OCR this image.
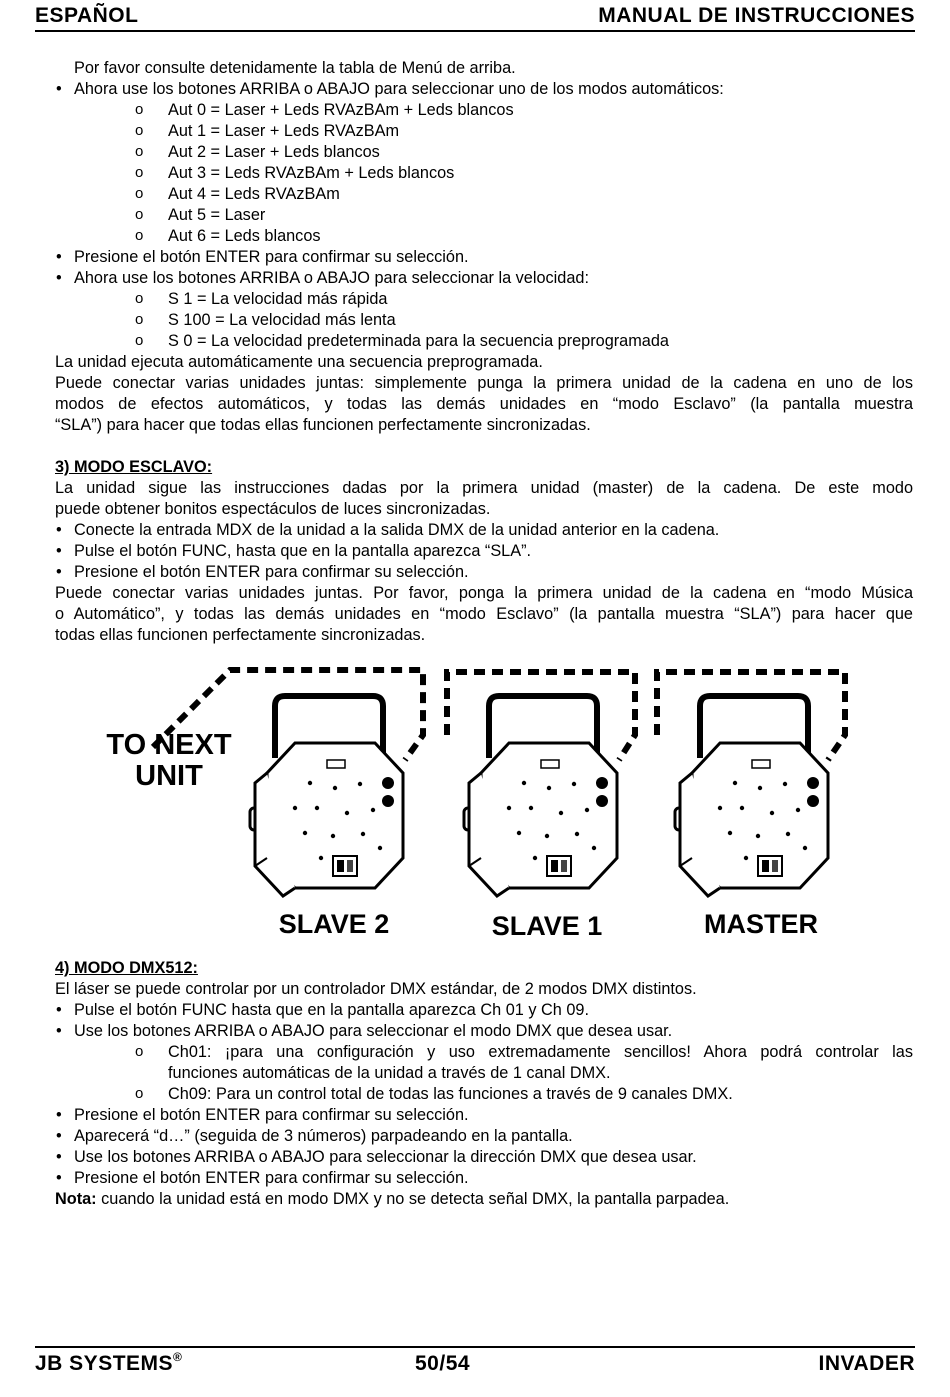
ESPAÑOL	MANUAL DE INSTRUCCIONES

Por favor consulte detenidamente la tabla de Menú de arriba.

• Ahora use los botones ARRIBA o ABAJO para seleccionar uno de los modos automáticos:

o Aut 0 = Laser + Leds RVAzBAm + Leds blancos

o Aut 1 = Laser + Leds RVAzBAm

o Aut 2 = Laser + Leds blancos

o Aut 3 = Leds RVAzBAm + Leds blancos

o Aut 4 = Leds RVAzBAm

o Aut 5 = Laser

o Aut 6 = Leds blancos

• Presione el botón ENTER para confirmar su selección.

• Ahora use los botones ARRIBA o ABAJO para seleccionar la velocidad:

o S 1 = La velocidad más rápida

o S 100 = La velocidad más lenta

o S 0 = La velocidad predeterminada para la secuencia preprogramada

La unidad ejecuta automáticamente una secuencia preprogramada.

Puede conectar varias unidades juntas: simplemente punga la primera unidad de la cadena en uno de los

modos de efectos automáticos, y todas las demás unidades en “modo Esclavo” (la pantalla muestra

“SLA”) para hacer que todas ellas funcionen perfectamente sincronizadas.

3) MODO ESCLAVO:

La unidad sigue las instrucciones dadas por la primera unidad (master) de la cadena. De este modo

puede obtener bonitos espectáculos de luces sincronizadas.

• Conecte la entrada MDX de la unidad a la salida DMX de la unidad anterior en la cadena.

• Pulse el botón FUNC, hasta que en la pantalla aparezca “SLA”.

• Presione el botón ENTER para confirmar su selección.

Puede conectar varias unidades juntas. Por favor, ponga la primera unidad de la cadena en “modo Música

o Automático”, y todas las demás unidades en “modo Esclavo” (la pantalla muestra “SLA”) para hacer que

todas ellas funcionen perfectamente sincronizadas.

TO NEXT
UNIT
SLAVE 2	SLAVE 1	MASTER

4) MODO DMX512:

El láser se puede controlar por un controlador DMX estándar, de 2 modos DMX distintos.

• Pulse el botón FUNC hasta que en la pantalla aparezca Ch 01 y Ch 09.

• Use los botones ARRIBA o ABAJO para seleccionar el modo DMX que desea usar.

o Ch01: ¡para una configuración y uso extremadamente sencillos! Ahora podrá controlar las

funciones automáticas de la unidad a través de 1 canal DMX.

o Ch09: Para un control total de todas las funciones a través de 9 canales DMX.

• Presione el botón ENTER para confirmar su selección.

• Aparecerá “d…” (seguida de 3 números) parpadeando en la pantalla.

• Use los botones ARRIBA o ABAJO para seleccionar la dirección DMX que desea usar.

• Presione el botón ENTER para confirmar su selección.

Nota: cuando la unidad está en modo DMX y no se detecta señal DMX, la pantalla parpadea.

JB SYSTEMS®	50/54	INVADER
